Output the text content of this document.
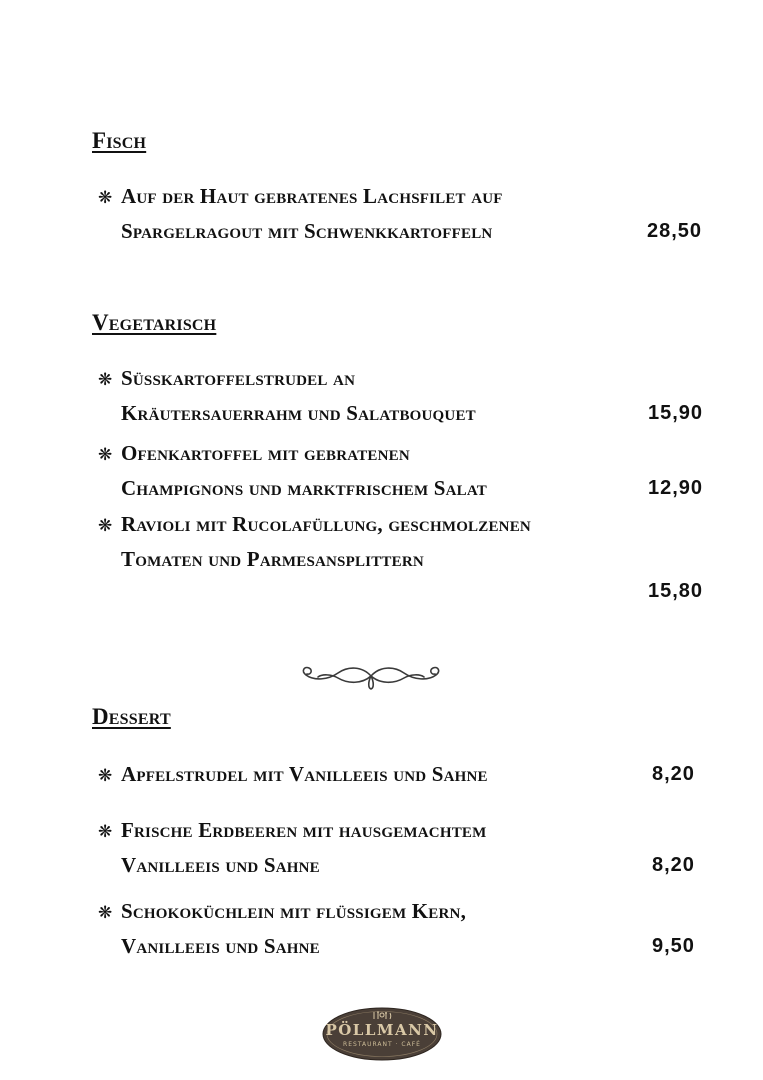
Fisch
❋ Auf der Haut gebratenes Lachsfilet auf
Spargelragout mit Schwenkkartoffeln	28,50
Vegetarisch
❋ Süsskartoffelstrudel an
Kräutersauerrahm und Salatbouquet	15,90
❋ Ofenkartoffel mit gebratenen
Champignons und marktfrischem Salat	12,90
❋ Ravioli mit Rucolafüllung, geschmolzenen
Tomaten und Parmesansplittern
15,80
Dessert
❋ Apfelstrudel mit Vanilleeis und Sahne	8,20
❋ Frische Erdbeeren mit hausgemachtem
Vanilleeis und Sahne	8,20
❋ Schokoküchlein mit flüssigem Kern,
Vanilleeis und Sahne	9,50
PÖLLMANN
RESTAURANT · CAFÉ
